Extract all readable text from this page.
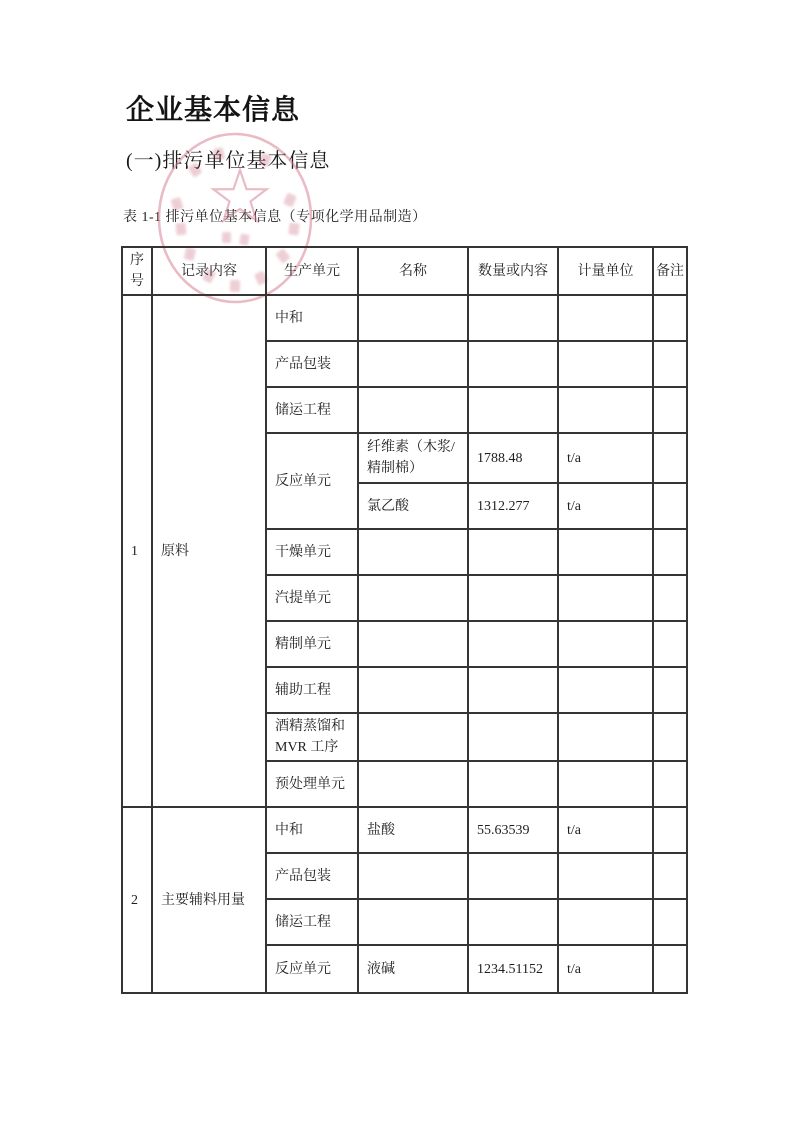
企业基本信息
(一)排污单位基本信息
表 1-1 排污单位基本信息（专项化学用品制造）
序号	记录内容	生产单元	名称	数量或内容	计量单位	备注
1	原料	中和				
		产品包装				
		储运工程				
		反应单元	纤维素（木浆/精制棉）	1788.48	t/a	
			氯乙酸	1312.277	t/a	
		干燥单元				
		汽提单元				
		精制单元				
		辅助工程				
		酒精蒸馏和MVR 工序				
		预处理单元				
2	主要辅料用量	中和	盐酸	55.63539	t/a	
		产品包装				
		储运工程				
		反应单元	液碱	1234.51152	t/a	
